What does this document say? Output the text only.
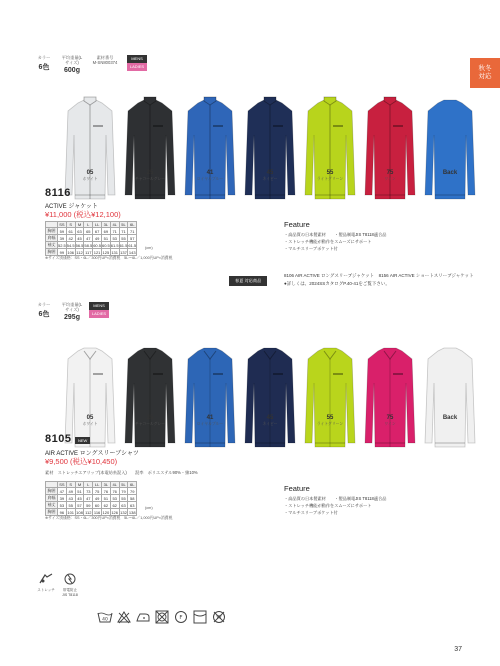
秋冬
対応
カラー
6色
平均重量(Lサイズ)
600g
素材番号
M-SN800374
MENS
LADIES
05
ホワイト
25
チャコールグレー
41
ロイヤルブルー
45
ネイビー
55
ライトグリーン
75
ワイン
Back
8116
ACTIVE ジャケット
¥11,000 (税込¥12,100)
	SS	S	M	L	LL	3L	4L	5L	6L
胸囲	59	61	63	65	67	69	71	71	71
肩幅	39	42	45	47	49	51	53	55	57
袖丈	52.5	54.5	56.5	58.5	60.5	60.5	61.5	61.5	61.5
胸囲	99	106	112	117	121	125	131	137	143
(cm)
※サイズ別価格：SS・6L／300円UP×消費税　5L～6L／1,000円UP×消費税
Feature
・高品質の日本製素材　　・製品制電JIS T8118適合品
・ストレッチ機能が動作をスムーズにサポート
・マルチスリーブポケット付
春夏 対応商品
8106 AIR ACTIVE ロングスリーブジャケット　8156 AIR ACTIVE ショートスリーブジャケット
●詳しくは、2024SSカタログP.40-41をご覧下さい。
カラー
6色
平均重量(Lサイズ)
295g
MENS
LADIES
05
ホワイト
25
チャコールグレー
41
ロイヤルブルー
45
ネイビー
55
ライトグリーン
75
ワイン
Back
8105	NEW
AIR ACTIVE ロングスリーブシャツ
¥9,500 (税込¥10,450)
素材　ストレッチエアリップ(本電紡糸混入)　　混率　ポリエステル90%・綿10%
	SS	S	M	L	LL	3L	4L	5L	6L
胸囲	47	49	51	73	75	76	76	79	79
肩幅	39	43	45	47	49	51	53	55	58
袖丈	53	55	57	59	60	62	62	63	63
胸囲	96	101	108	112	116	120	126	132	138
(cm)
※サイズ別価格：SS・6L／300円UP×消費税　5L～6L／1,000円UP×消費税
Feature
・高品質の日本製素材　　・製品制電JIS T8118適合品
・ストレッチ機能が動作をスムーズにサポート
・マルチスリーブポケット付
ストレッチ	帯電防止 JIS T8118
40	F	W
37
